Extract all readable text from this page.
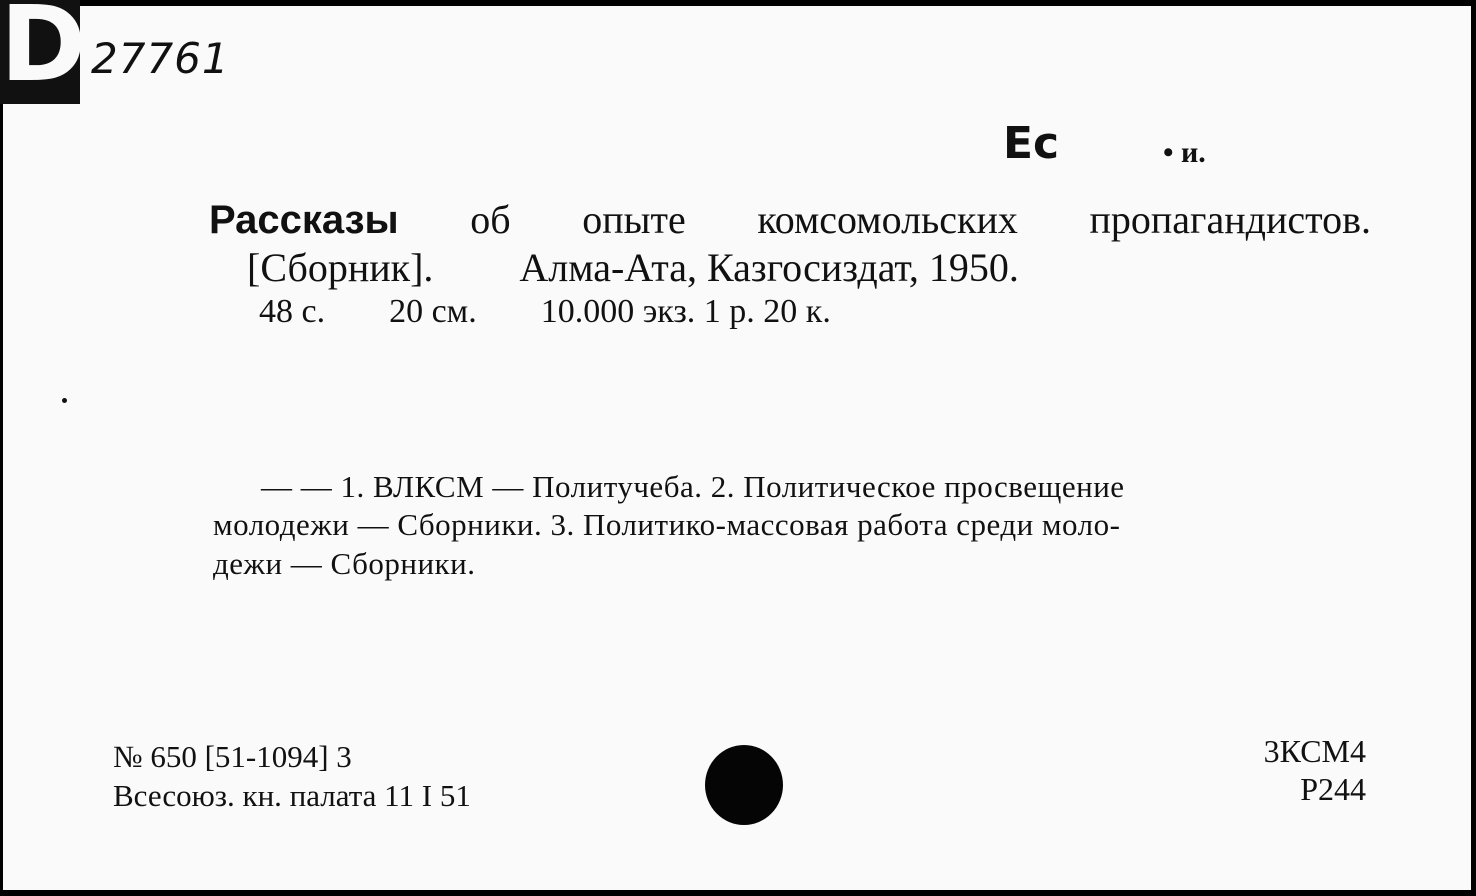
D 27761
Ec	• и.
Рассказы об опыте комсомольских пропагандистов.
[Сборник]. Алма-Ата, Казгосиздат, 1950.
48 с. 20 см. 10.000 экз. 1 р. 20 к.
— — 1. ВЛКСМ — Политучеба. 2. Политическое просвещение
молодежи — Сборники. 3. Политико-массовая работа среди моло-
дежи — Сборники.
№ 650 [51-1094] 3
Всесоюз. кн. палата 11 I 51
3КСМ4
Р244
